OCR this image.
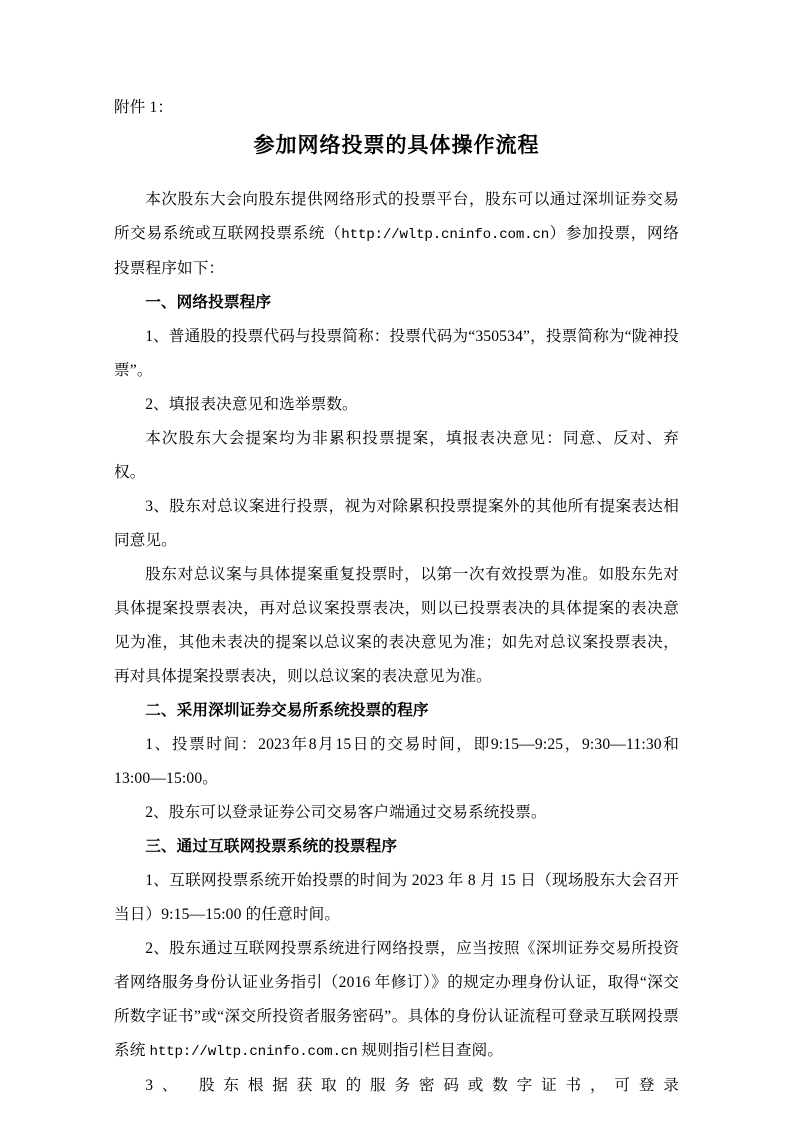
附件 1：

参加网络投票的具体操作流程

本次股东大会向股东提供网络形式的投票平台，股东可以通过深圳证券交易所交易系统或互联网投票系统（http://wltp.cninfo.com.cn）参加投票，网络投票程序如下：

一、网络投票程序

1、普通股的投票代码与投票简称：投票代码为“350534”，投票简称为“陇神投票”。

2、填报表决意见和选举票数。

本次股东大会提案均为非累积投票提案，填报表决意见：同意、反对、弃权。

3、股东对总议案进行投票，视为对除累积投票提案外的其他所有提案表达相同意见。

股东对总议案与具体提案重复投票时，以第一次有效投票为准。如股东先对具体提案投票表决，再对总议案投票表决，则以已投票表决的具体提案的表决意见为准，其他未表决的提案以总议案的表决意见为准；如先对总议案投票表决，再对具体提案投票表决，则以总议案的表决意见为准。

二、采用深圳证券交易所系统投票的程序

1、投票时间：2023年8月15日的交易时间，即9:15—9:25，9:30—11:30和13:00—15:00。

2、股东可以登录证券公司交易客户端通过交易系统投票。

三、通过互联网投票系统的投票程序

1、互联网投票系统开始投票的时间为 2023 年 8 月 15 日（现场股东大会召开当日）9:15—15:00 的任意时间。

2、股东通过互联网投票系统进行网络投票，应当按照《深圳证券交易所投资者网络服务身份认证业务指引（2016 年修订）》的规定办理身份认证，取得“深交所数字证书”或“深交所投资者服务密码”。具体的身份认证流程可登录互联网投票系统 http://wltp.cninfo.com.cn 规则指引栏目查阅。

3、 股东根据获取的服务密码或数字证书，可登录
